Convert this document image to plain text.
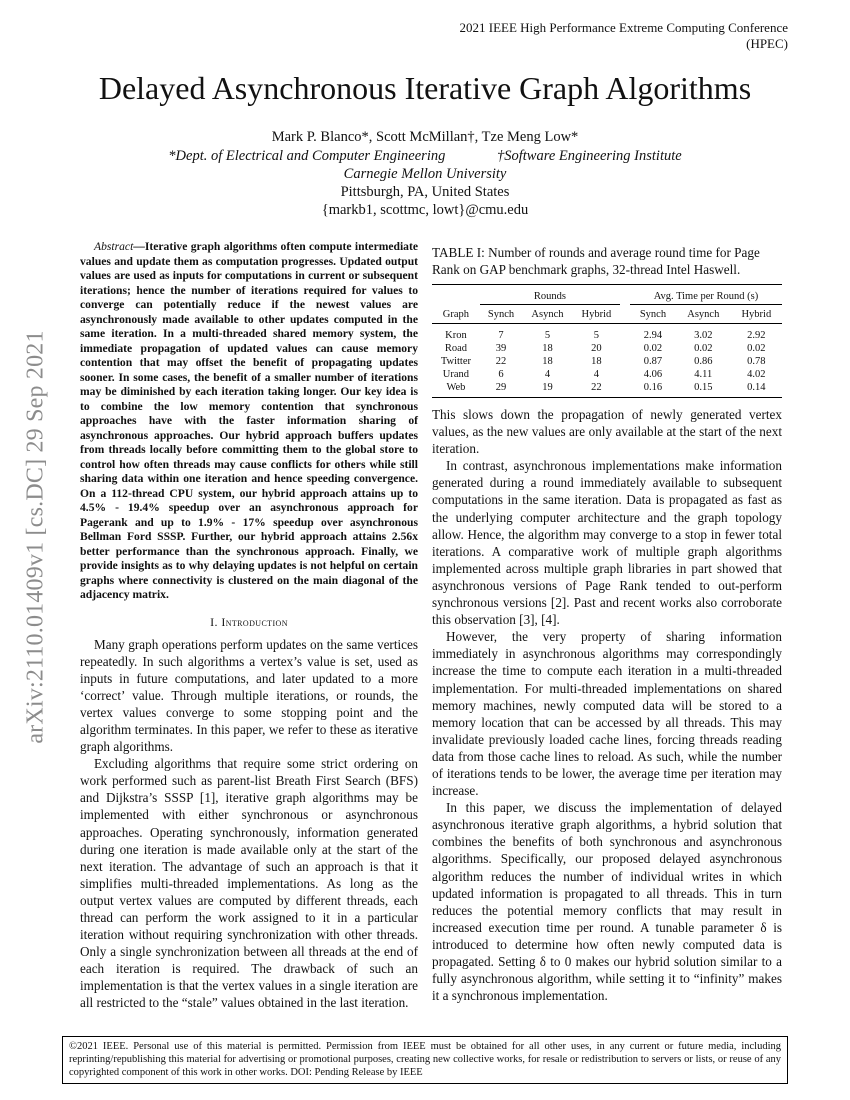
2021 IEEE High Performance Extreme Computing Conference
(HPEC)
arXiv:2110.01409v1 [cs.DC] 29 Sep 2021
Delayed Asynchronous Iterative Graph Algorithms
Mark P. Blanco*, Scott McMillan†, Tze Meng Low*
*Dept. of Electrical and Computer Engineering	†Software Engineering Institute
Carnegie Mellon University
Pittsburgh, PA, United States
{markb1, scottmc, lowt}@cmu.edu

Abstract—Iterative graph algorithms often compute intermediate values and update them as computation progresses. Updated output values are used as inputs for computations in current or subsequent iterations; hence the number of iterations required for values to converge can potentially reduce if the newest values are asynchronously made available to other updates computed in the same iteration. In a multi-threaded shared memory system, the immediate propagation of updated values can cause memory contention that may offset the benefit of propagating updates sooner. In some cases, the benefit of a smaller number of iterations may be diminished by each iteration taking longer. Our key idea is to combine the low memory contention that synchronous approaches have with the faster information sharing of asynchronous approaches. Our hybrid approach buffers updates from threads locally before committing them to the global store to control how often threads may cause conflicts for others while still sharing data within one iteration and hence speeding convergence. On a 112-thread CPU system, our hybrid approach attains up to 4.5% - 19.4% speedup over an asynchronous approach for Pagerank and up to 1.9% - 17% speedup over asynchronous Bellman Ford SSSP. Further, our hybrid approach attains 2.56x better performance than the synchronous approach. Finally, we provide insights as to why delaying updates is not helpful on certain graphs where connectivity is clustered on the main diagonal of the adjacency matrix.

I. Introduction

Many graph operations perform updates on the same vertices repeatedly. In such algorithms a vertex’s value is set, used as inputs in future computations, and later updated to a more ‘correct’ value. Through multiple iterations, or rounds, the vertex values converge to some stopping point and the algorithm terminates. In this paper, we refer to these as iterative graph algorithms.

Excluding algorithms that require some strict ordering on work performed such as parent-list Breath First Search (BFS) and Dijkstra’s SSSP [1], iterative graph algorithms may be implemented with either synchronous or asynchronous approaches. Operating synchronously, information generated during one iteration is made available only at the start of the next iteration. The advantage of such an approach is that it simplifies multi-threaded implementations. As long as the output vertex values are computed by different threads, each thread can perform the work assigned to it in a particular iteration without requiring synchronization with other threads. Only a single synchronization between all threads at the end of each iteration is required. The drawback of such an implementation is that the vertex values in a single iteration are all restricted to the “stale” values obtained in the last iteration.

TABLE I: Number of rounds and average round time for Page Rank on GAP benchmark graphs, 32-thread Intel Haswell.
	Rounds				Avg. Time per Round (s)		
Graph	Synch	Asynch	Hybrid		Synch	Asynch	Hybrid
Kron	7	5	5		2.94	3.02	2.92
Road	39	18	20		0.02	0.02	0.02
Twitter	22	18	18		0.87	0.86	0.78
Urand	6	4	4		4.06	4.11	4.02
Web	29	19	22		0.16	0.15	0.14

This slows down the propagation of newly generated vertex values, as the new values are only available at the start of the next iteration.

In contrast, asynchronous implementations make information generated during a round immediately available to subsequent computations in the same iteration. Data is propagated as fast as the underlying computer architecture and the graph topology allow. Hence, the algorithm may converge to a stop in fewer total iterations. A comparative work of multiple graph algorithms implemented across multiple graph libraries in part showed that asynchronous versions of Page Rank tended to out-perform synchronous versions [2]. Past and recent works also corroborate this observation [3], [4].

However, the very property of sharing information immediately in asynchronous algorithms may correspondingly increase the time to compute each iteration in a multi-threaded implementation. For multi-threaded implementations on shared memory machines, newly computed data will be stored to a memory location that can be accessed by all threads. This may invalidate previously loaded cache lines, forcing threads reading data from those cache lines to reload. As such, while the number of iterations tends to be lower, the average time per iteration may increase.

In this paper, we discuss the implementation of delayed asynchronous iterative graph algorithms, a hybrid solution that combines the benefits of both synchronous and asynchronous algorithms. Specifically, our proposed delayed asynchronous algorithm reduces the number of individual writes in which updated information is propagated to all threads. This in turn reduces the potential memory conflicts that may result in increased execution time per round. A tunable parameter δ is introduced to determine how often newly computed data is propagated. Setting δ to 0 makes our hybrid solution similar to a fully asynchronous algorithm, while setting it to “infinity” makes it a synchronous implementation.

©2021 IEEE. Personal use of this material is permitted. Permission from IEEE must be obtained for all other uses, in any current or future media, including reprinting/republishing this material for advertising or promotional purposes, creating new collective works, for resale or redistribution to servers or lists, or reuse of any copyrighted component of this work in other works. DOI: Pending Release by IEEE
